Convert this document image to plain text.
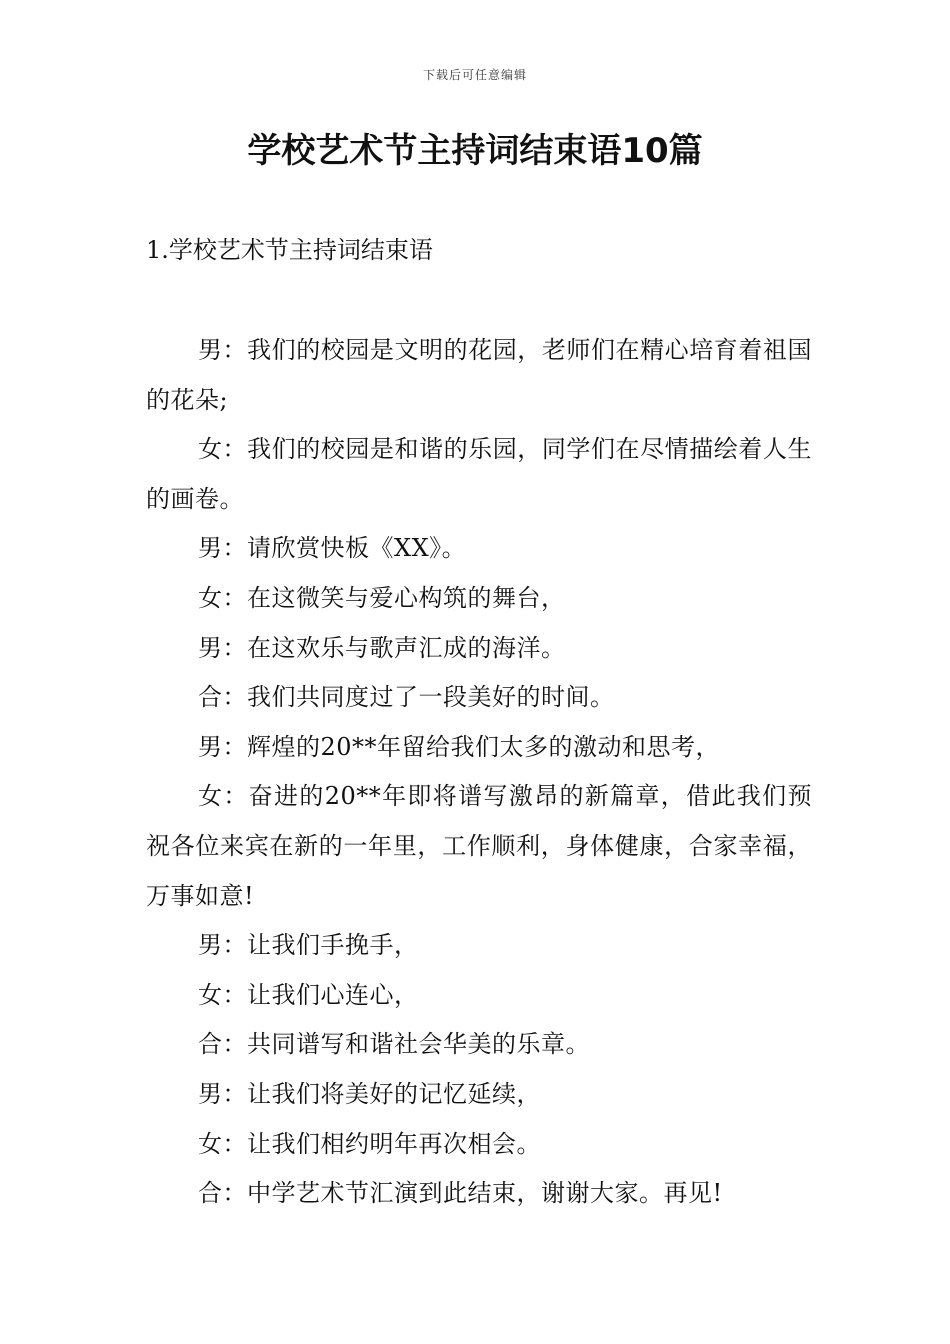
下载后可任意编辑
学校艺术节主持词结束语10篇
1.学校艺术节主持词结束语

男：我们的校园是文明的花园，老师们在精心培育着祖国的花朵;

女：我们的校园是和谐的乐园，同学们在尽情描绘着人生的画卷。

男：请欣赏快板《XX》。

女：在这微笑与爱心构筑的舞台，

男：在这欢乐与歌声汇成的海洋。

合：我们共同度过了一段美好的时间。

男：辉煌的20**年留给我们太多的激动和思考，

女：奋进的20**年即将谱写激昂的新篇章，借此我们预祝各位来宾在新的一年里，工作顺利，身体健康，合家幸福，万事如意!

男：让我们手挽手，

女：让我们心连心，

合：共同谱写和谐社会华美的乐章。

男：让我们将美好的记忆延续，

女：让我们相约明年再次相会。

合：中学艺术节汇演到此结束，谢谢大家。再见!
